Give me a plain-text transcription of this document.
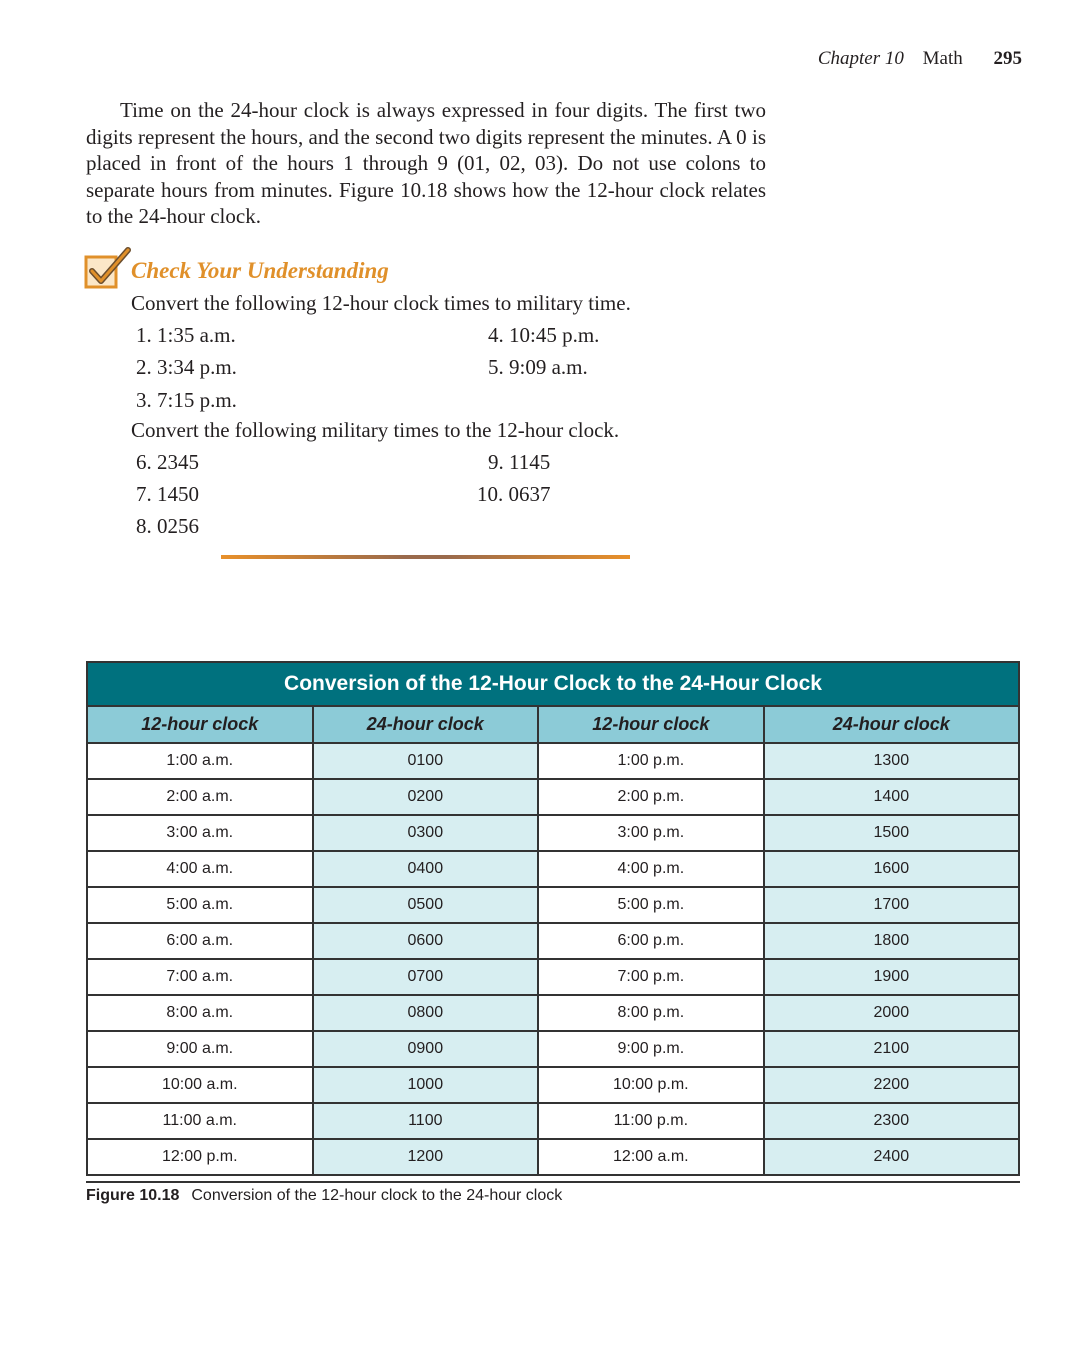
Chapter 10 Math 295

Time on the 24-hour clock is always expressed in four digits. The first two digits represent the hours, and the second two digits represent the minutes. A 0 is placed in front of the hours 1 through 9 (01, 02, 03). Do not use colons to separate hours from minutes. Figure 10.18 shows how the 12-hour clock relates to the 24-hour clock.

Check Your Understanding
Convert the following 12-hour clock times to military time.
1. 1:35 a.m.
2. 3:34 p.m.
3. 7:15 p.m.
4. 10:45 p.m.
5. 9:09 a.m.
Convert the following military times to the 12-hour clock.
6. 2345
7. 1450
8. 0256
9. 1145
10. 0637
Conversion of the 12-Hour Clock to the 24-Hour Clock			
12-hour clock	24-hour clock	12-hour clock	24-hour clock
1:00 a.m.	0100	1:00 p.m.	1300
2:00 a.m.	0200	2:00 p.m.	1400
3:00 a.m.	0300	3:00 p.m.	1500
4:00 a.m.	0400	4:00 p.m.	1600
5:00 a.m.	0500	5:00 p.m.	1700
6:00 a.m.	0600	6:00 p.m.	1800
7:00 a.m.	0700	7:00 p.m.	1900
8:00 a.m.	0800	8:00 p.m.	2000
9:00 a.m.	0900	9:00 p.m.	2100
10:00 a.m.	1000	10:00 p.m.	2200
11:00 a.m.	1100	11:00 p.m.	2300
12:00 p.m.	1200	12:00 a.m.	2400
Figure 10.18 Conversion of the 12-hour clock to the 24-hour clock
